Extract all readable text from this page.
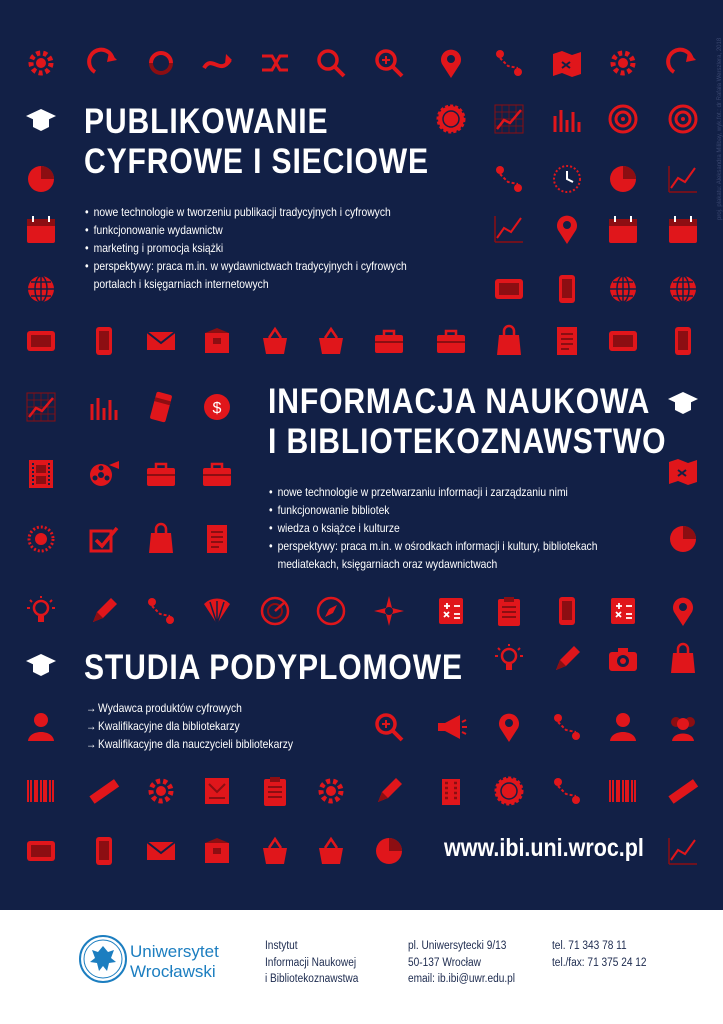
proj. plakatu: Aleksandra Milibay, wyk.fot.: dr Rafała Werszlera, 2018
$
PUBLIKOWANIE
CYFROWE I SIECIOWE
• nowe technologie w tworzeniu publikacji tradycyjnych i cyfrowych
• funkcjonowanie wydawnictw
• marketing i promocja książki
• perspektywy: praca m.in. w wydawnictwach tradycyjnych i cyfrowych
portalach i księgarniach internetowych
INFORMACJA NAUKOWA
I BIBLIOTEKOZNAWSTWO
• nowe technologie w przetwarzaniu informacji i zarządzaniu nimi
• funkcjonowanie bibliotek
• wiedza o książce i kulturze
• perspektywy: praca m.in. w ośrodkach informacji i kultury, bibliotekach
mediatekach, księgarniach oraz wydawnictwach
STUDIA PODYPLOMOWE
→ Wydawca produktów cyfrowych
→ Kwalifikacyjne dla bibliotekarzy
→ Kwalifikacyjne dla nauczycieli bibliotekarzy
www.ibi.uni.wroc.pl
Uniwersytet
Wrocławski
Instytut
Informacji Naukowej
i Bibliotekoznawstwa
pl. Uniwersytecki 9/13
50-137 Wrocław
email: ib.ibi@uwr.edu.pl
tel. 71 343 78 11
tel./fax: 71 375 24 12
